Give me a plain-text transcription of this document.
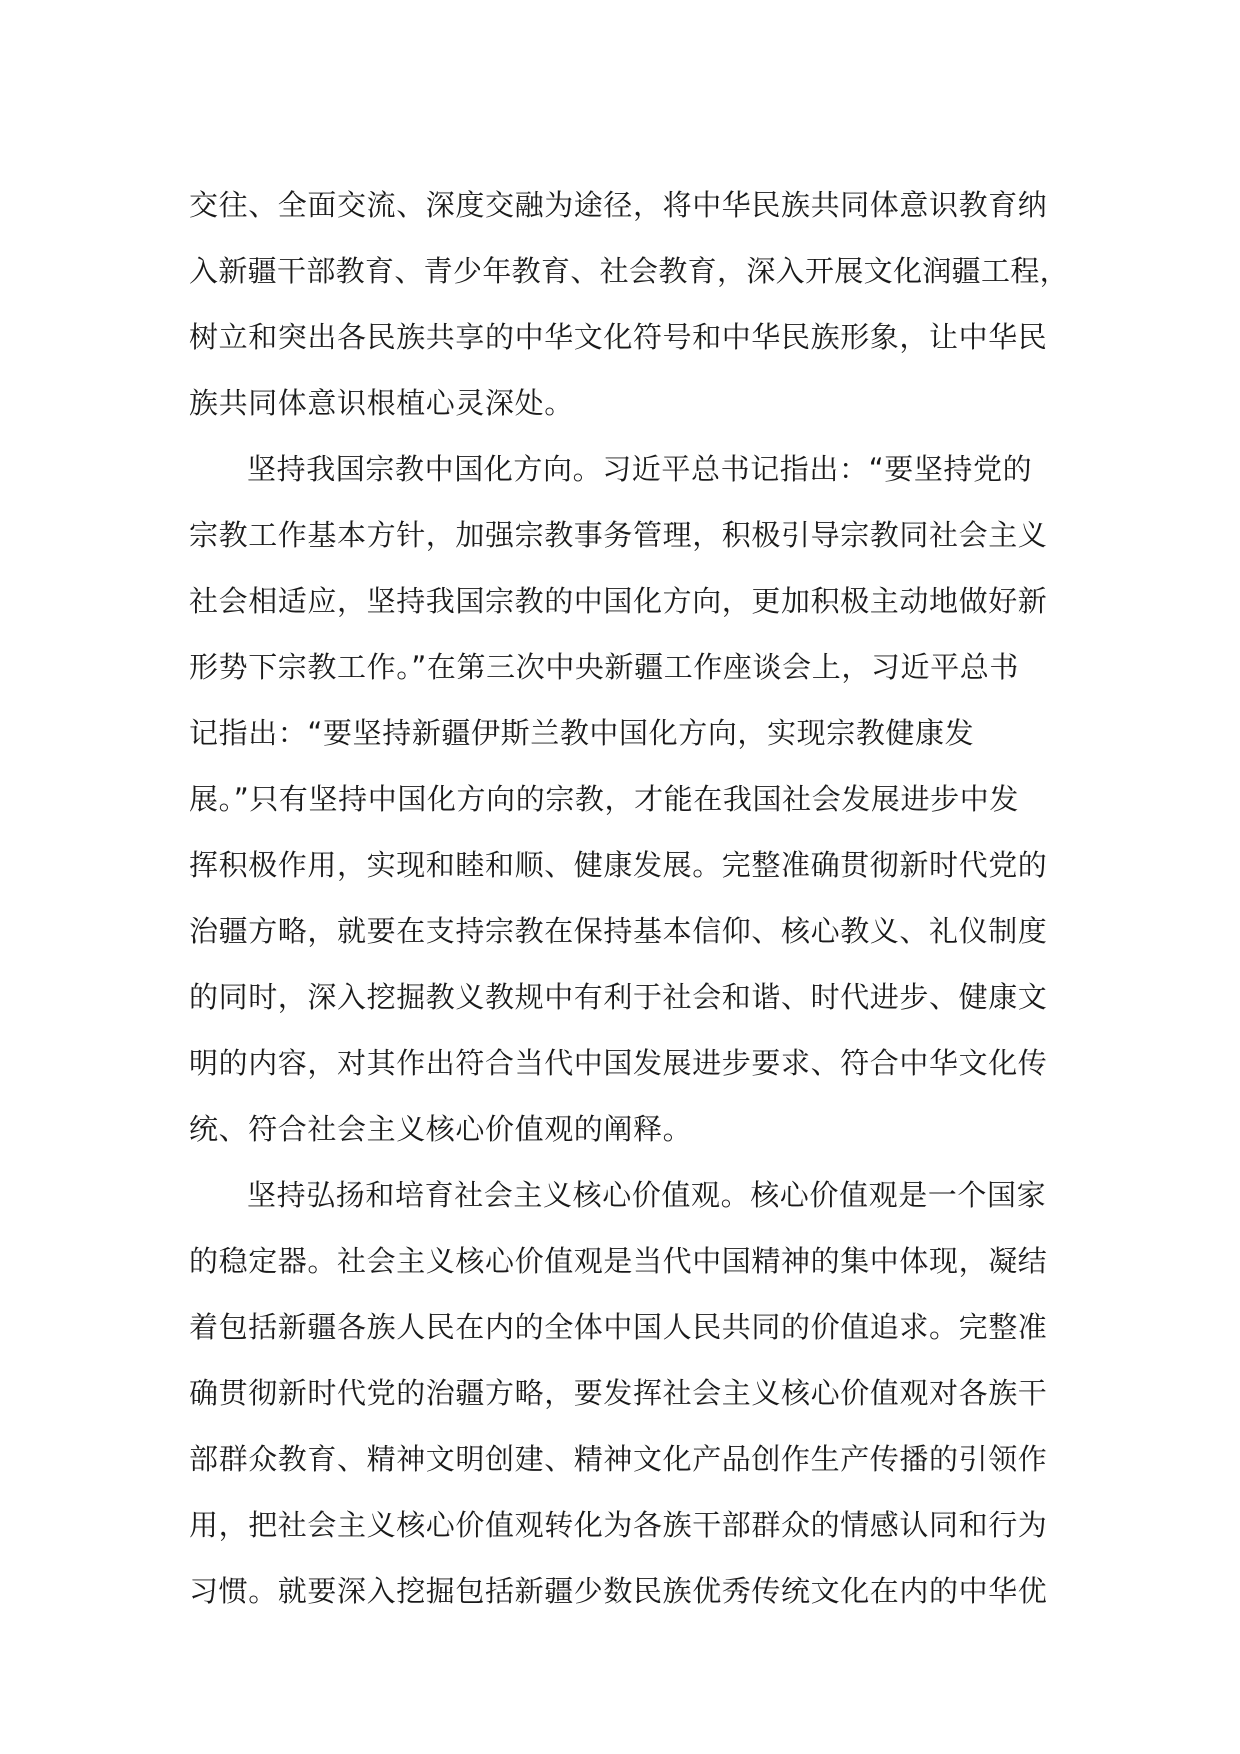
交往、全面交流、深度交融为途径，将中华民族共同体意识教育纳
入新疆干部教育、青少年教育、社会教育，深入开展文化润疆工程，
树立和突出各民族共享的中华文化符号和中华民族形象，让中华民
族共同体意识根植心灵深处。
坚持我国宗教中国化方向。习近平总书记指出：“要坚持党的
宗教工作基本方针，加强宗教事务管理，积极引导宗教同社会主义
社会相适应，坚持我国宗教的中国化方向，更加积极主动地做好新
形势下宗教工作。”在第三次中央新疆工作座谈会上，习近平总书
记指出：“要坚持新疆伊斯兰教中国化方向，实现宗教健康发
展。”只有坚持中国化方向的宗教，才能在我国社会发展进步中发
挥积极作用，实现和睦和顺、健康发展。完整准确贯彻新时代党的
治疆方略，就要在支持宗教在保持基本信仰、核心教义、礼仪制度
的同时，深入挖掘教义教规中有利于社会和谐、时代进步、健康文
明的内容，对其作出符合当代中国发展进步要求、符合中华文化传
统、符合社会主义核心价值观的阐释。
坚持弘扬和培育社会主义核心价值观。核心价值观是一个国家
的稳定器。社会主义核心价值观是当代中国精神的集中体现，凝结
着包括新疆各族人民在内的全体中国人民共同的价值追求。完整准
确贯彻新时代党的治疆方略，要发挥社会主义核心价值观对各族干
部群众教育、精神文明创建、精神文化产品创作生产传播的引领作
用，把社会主义核心价值观转化为各族干部群众的情感认同和行为
习惯。就要深入挖掘包括新疆少数民族优秀传统文化在内的中华优
